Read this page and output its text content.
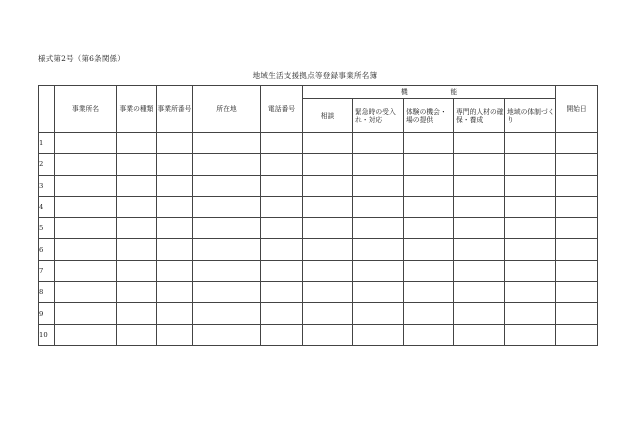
様式第2号（第6条関係）
地域生活支援拠点等登録事業所名簿
	事業所名	事業の種類	事業所番号	所在地	電話番号	機　能					開始日
						相談	緊急時の受入れ・対応	体験の機会・場の提供	専門的人材の確保・養成	地域の体制づくり	
1											
2											
3											
4											
5											
6											
7											
8											
9											
10											
